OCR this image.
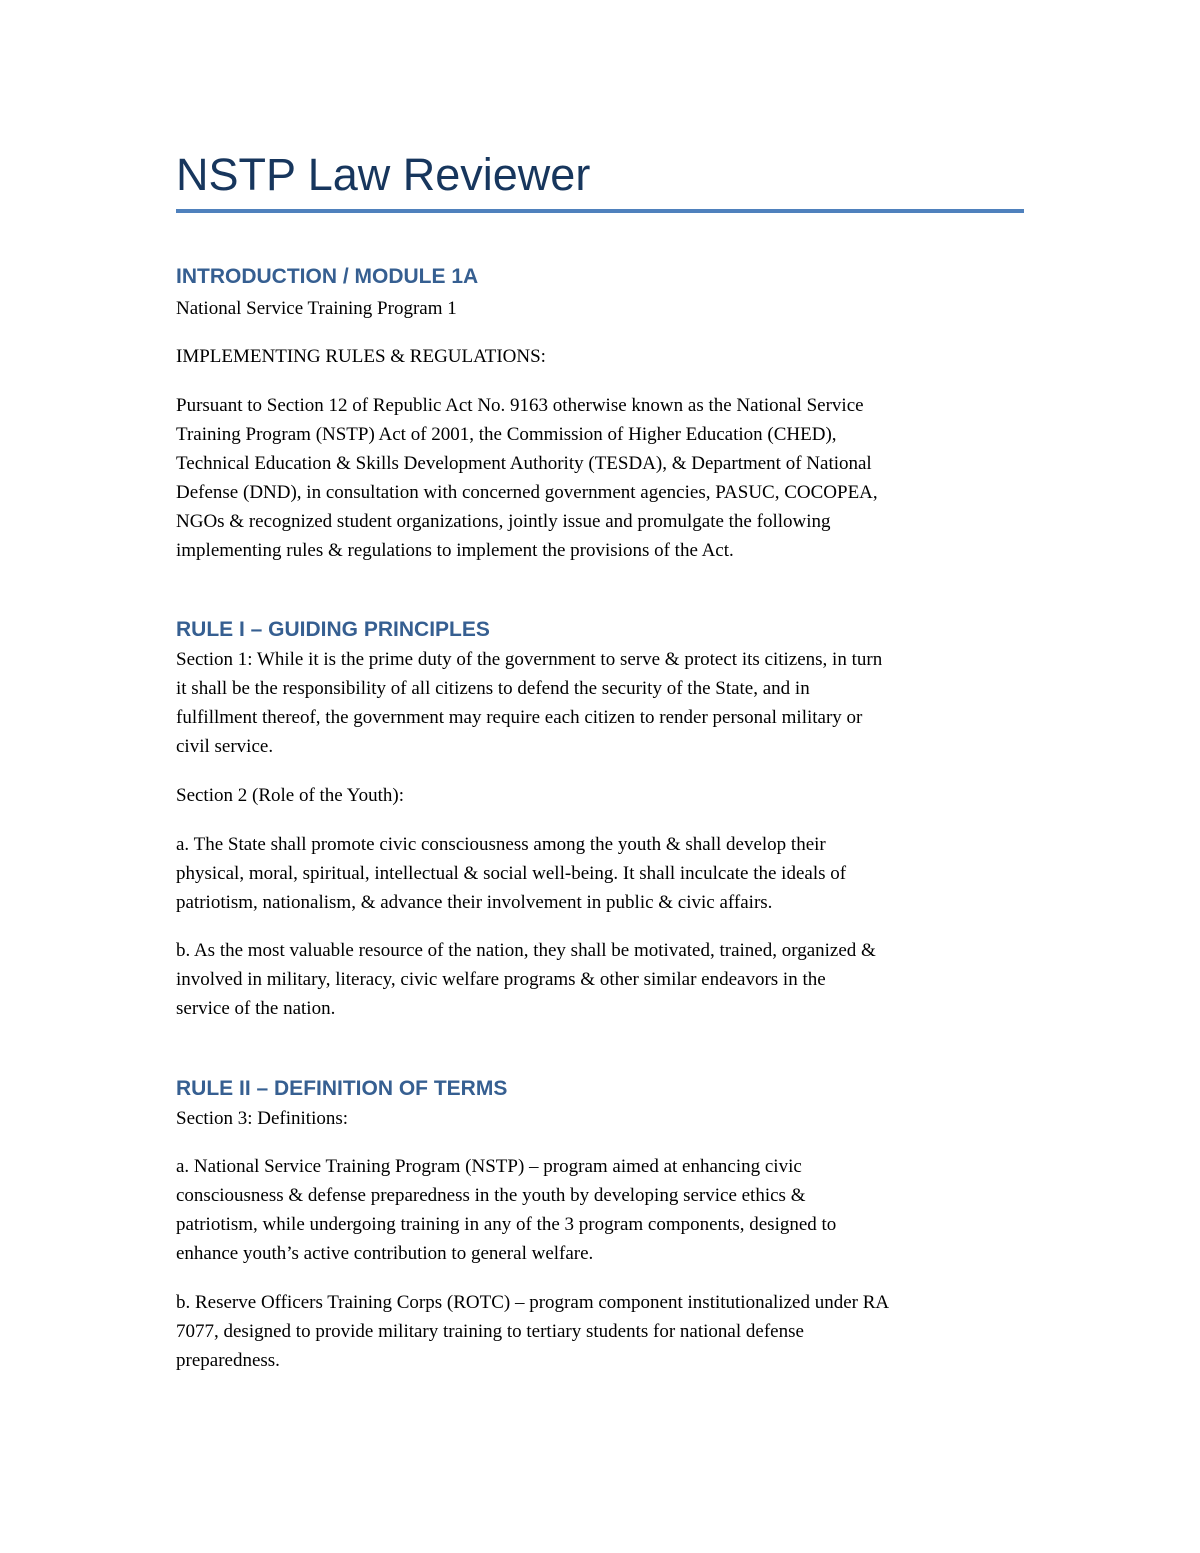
NSTP Law Reviewer
INTRODUCTION / MODULE 1A

National Service Training Program 1

IMPLEMENTING RULES & REGULATIONS:

Pursuant to Section 12 of Republic Act No. 9163 otherwise known as the National Service
Training Program (NSTP) Act of 2001, the Commission of Higher Education (CHED),
Technical Education & Skills Development Authority (TESDA), & Department of National
Defense (DND), in consultation with concerned government agencies, PASUC, COCOPEA,
NGOs & recognized student organizations, jointly issue and promulgate the following
implementing rules & regulations to implement the provisions of the Act.

RULE I – GUIDING PRINCIPLES

Section 1: While it is the prime duty of the government to serve & protect its citizens, in turn
it shall be the responsibility of all citizens to defend the security of the State, and in
fulfillment thereof, the government may require each citizen to render personal military or
civil service.

Section 2 (Role of the Youth):

a. The State shall promote civic consciousness among the youth & shall develop their
physical, moral, spiritual, intellectual & social well-being. It shall inculcate the ideals of
patriotism, nationalism, & advance their involvement in public & civic affairs.

b. As the most valuable resource of the nation, they shall be motivated, trained, organized &
involved in military, literacy, civic welfare programs & other similar endeavors in the
service of the nation.

RULE II – DEFINITION OF TERMS

Section 3: Definitions:

a. National Service Training Program (NSTP) – program aimed at enhancing civic
consciousness & defense preparedness in the youth by developing service ethics &
patriotism, while undergoing training in any of the 3 program components, designed to
enhance youth’s active contribution to general welfare.

b. Reserve Officers Training Corps (ROTC) – program component institutionalized under RA
7077, designed to provide military training to tertiary students for national defense
preparedness.
